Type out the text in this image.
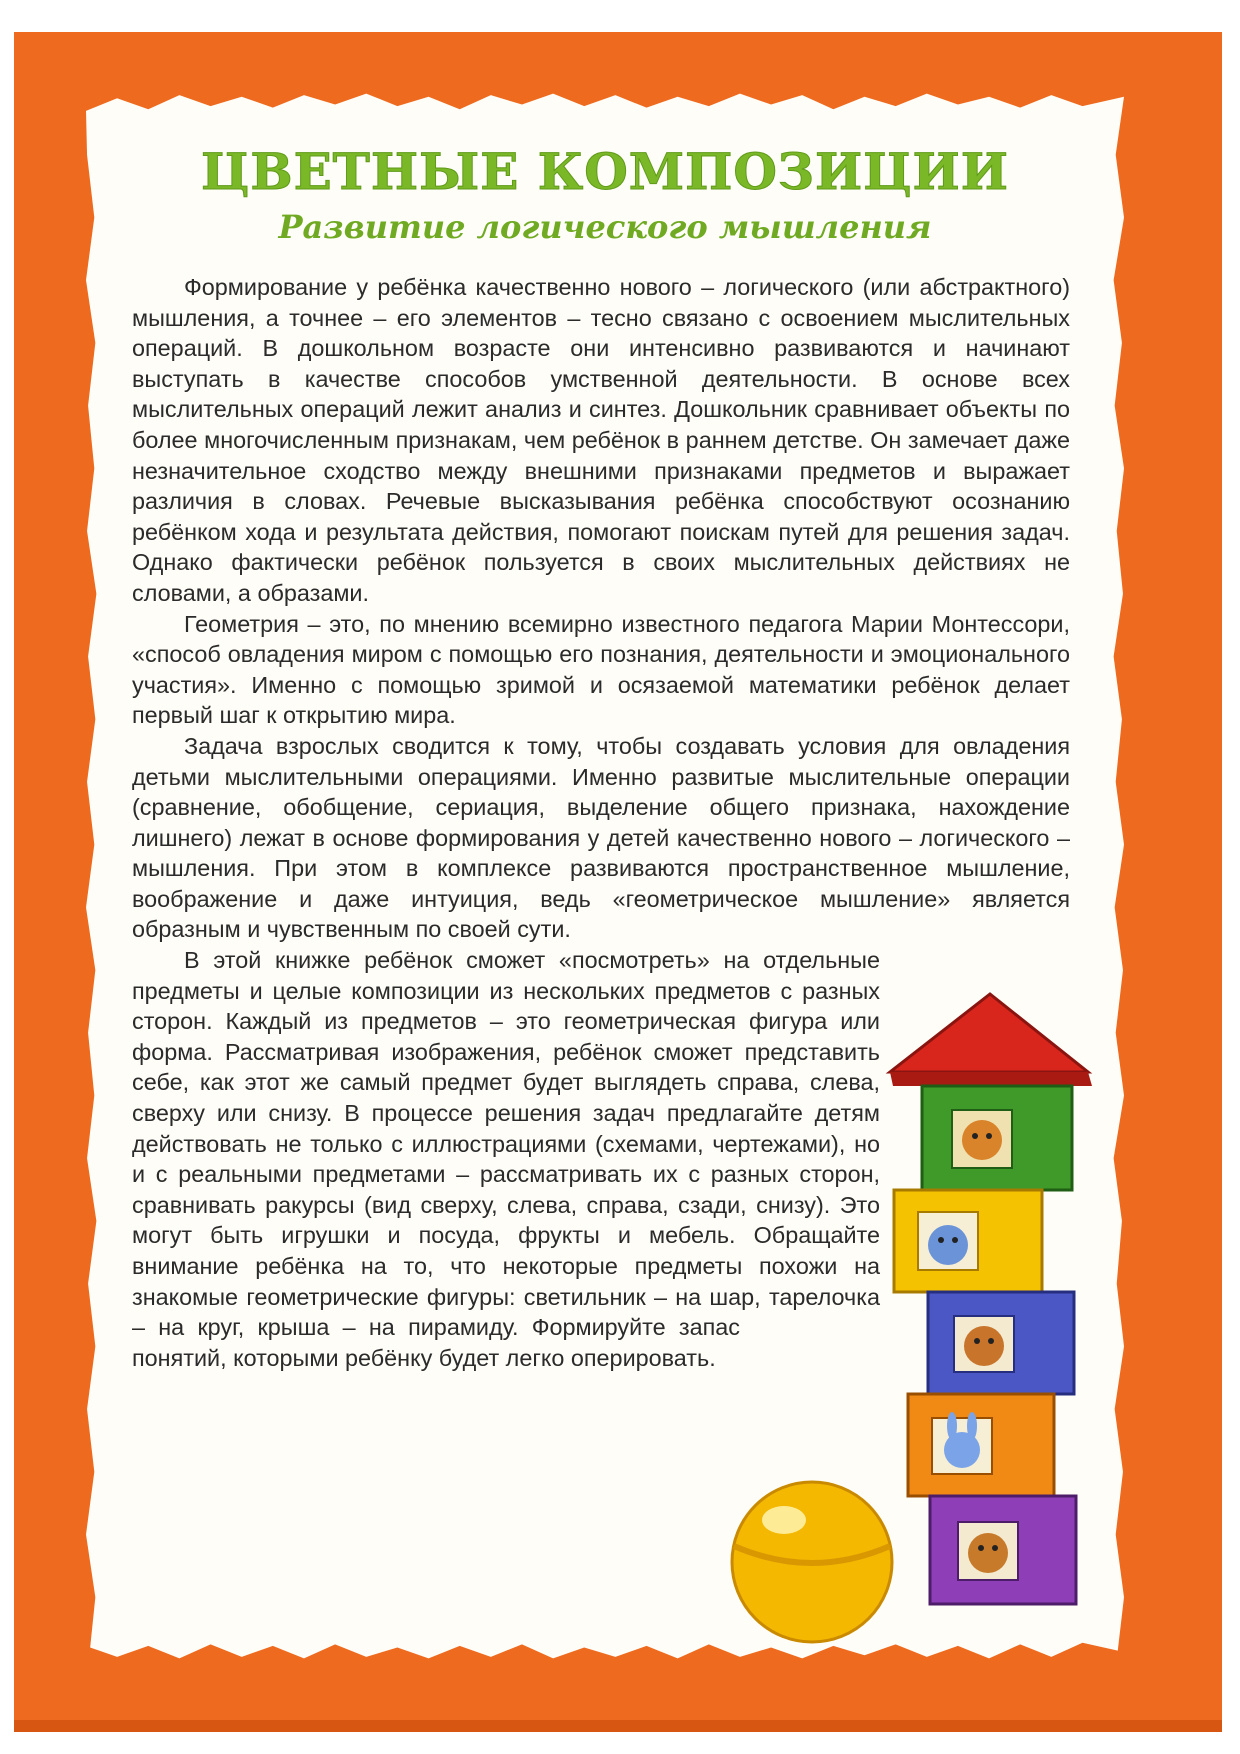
ЦВЕТНЫЕ КОМПОЗИЦИИ
Развитие логического мышления

Формирование у ребёнка качественно нового – логического (или абстрактного) мышления, а точнее – его элементов – тесно связано с освоением мыслительных операций. В дошкольном возрасте они интенсивно развиваются и начинают выступать в качестве способов умственной деятельности. В основе всех мыслительных операций лежит анализ и синтез. Дошкольник сравнивает объекты по более многочисленным признакам, чем ребёнок в раннем детстве. Он замечает даже незначительное сходство между внешними признаками предметов и выражает различия в словах. Речевые высказывания ребёнка способствуют осознанию ребёнком хода и результата действия, помогают поискам путей для решения задач. Однако фактически ребёнок пользуется в своих мыслительных действиях не словами, а образами.

Геометрия – это, по мнению всемирно известного педагога Марии Монтессори, «способ овладения миром с помощью его познания, деятельности и эмоционального участия». Именно с помощью зримой и осязаемой математики ребёнок делает первый шаг к открытию мира.

Задача взрослых сводится к тому, чтобы создавать условия для овладения детьми мыслительными операциями. Именно развитые мыслительные операции (сравнение, обобщение, сериация, выделение общего признака, нахождение лишнего) лежат в основе формирования у детей качественно нового – логического – мышления. При этом в комплексе развиваются пространственное мышление, воображение и даже интуиция, ведь «геометрическое мышление» является образным и чувственным по своей сути.

В этой книжке ребёнок сможет «посмотреть» на отдельные предметы и целые композиции из нескольких предметов с разных сторон. Каждый из предметов – это геометрическая фигура или форма. Рассматривая изображения, ребёнок сможет представить себе, как этот же самый предмет будет выглядеть справа, слева, сверху или снизу. В процессе решения задач предлагайте детям действовать не только с иллюстрациями (схемами, чертежами), но и с реальными предметами – рассматривать их с разных сторон, сравнивать ракурсы (вид сверху, слева, справа, сзади, снизу). Это могут быть игрушки и посуда, фрукты и мебель. Обращайте внимание ребёнка на то, что некоторые предметы похожи на знакомые геометрические фигуры: светильник – на шар, тарелочка – на круг, крыша – на пирамиду. Формируйте запас понятий, которыми ребёнку будет легко оперировать.
